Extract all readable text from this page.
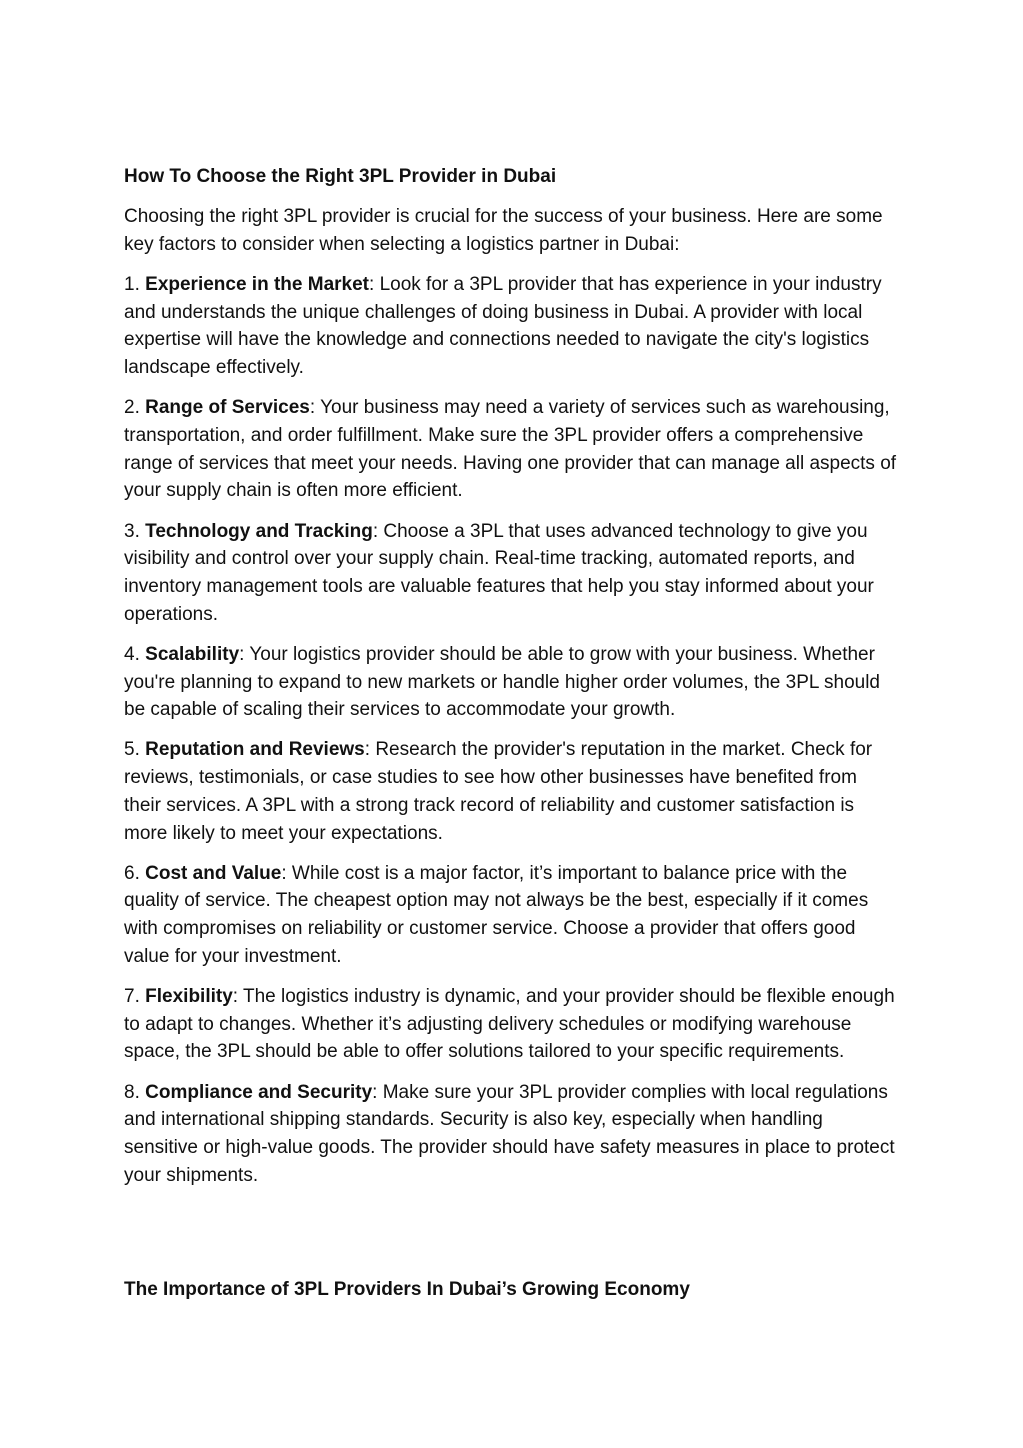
How To Choose the Right 3PL Provider in Dubai
Choosing the right 3PL provider is crucial for the success of your business. Here are some key factors to consider when selecting a logistics partner in Dubai:
1. Experience in the Market: Look for a 3PL provider that has experience in your industry and understands the unique challenges of doing business in Dubai. A provider with local expertise will have the knowledge and connections needed to navigate the city's logistics landscape effectively.
2. Range of Services: Your business may need a variety of services such as warehousing, transportation, and order fulfillment. Make sure the 3PL provider offers a comprehensive range of services that meet your needs. Having one provider that can manage all aspects of your supply chain is often more efficient.
3. Technology and Tracking: Choose a 3PL that uses advanced technology to give you visibility and control over your supply chain. Real-time tracking, automated reports, and inventory management tools are valuable features that help you stay informed about your operations.
4. Scalability: Your logistics provider should be able to grow with your business. Whether you're planning to expand to new markets or handle higher order volumes, the 3PL should be capable of scaling their services to accommodate your growth.
5. Reputation and Reviews: Research the provider's reputation in the market. Check for reviews, testimonials, or case studies to see how other businesses have benefited from their services. A 3PL with a strong track record of reliability and customer satisfaction is more likely to meet your expectations.
6. Cost and Value: While cost is a major factor, it’s important to balance price with the quality of service. The cheapest option may not always be the best, especially if it comes with compromises on reliability or customer service. Choose a provider that offers good value for your investment.
7. Flexibility: The logistics industry is dynamic, and your provider should be flexible enough to adapt to changes. Whether it’s adjusting delivery schedules or modifying warehouse space, the 3PL should be able to offer solutions tailored to your specific requirements.
8. Compliance and Security: Make sure your 3PL provider complies with local regulations and international shipping standards. Security is also key, especially when handling sensitive or high-value goods. The provider should have safety measures in place to protect your shipments.
The Importance of 3PL Providers In Dubai’s Growing Economy
